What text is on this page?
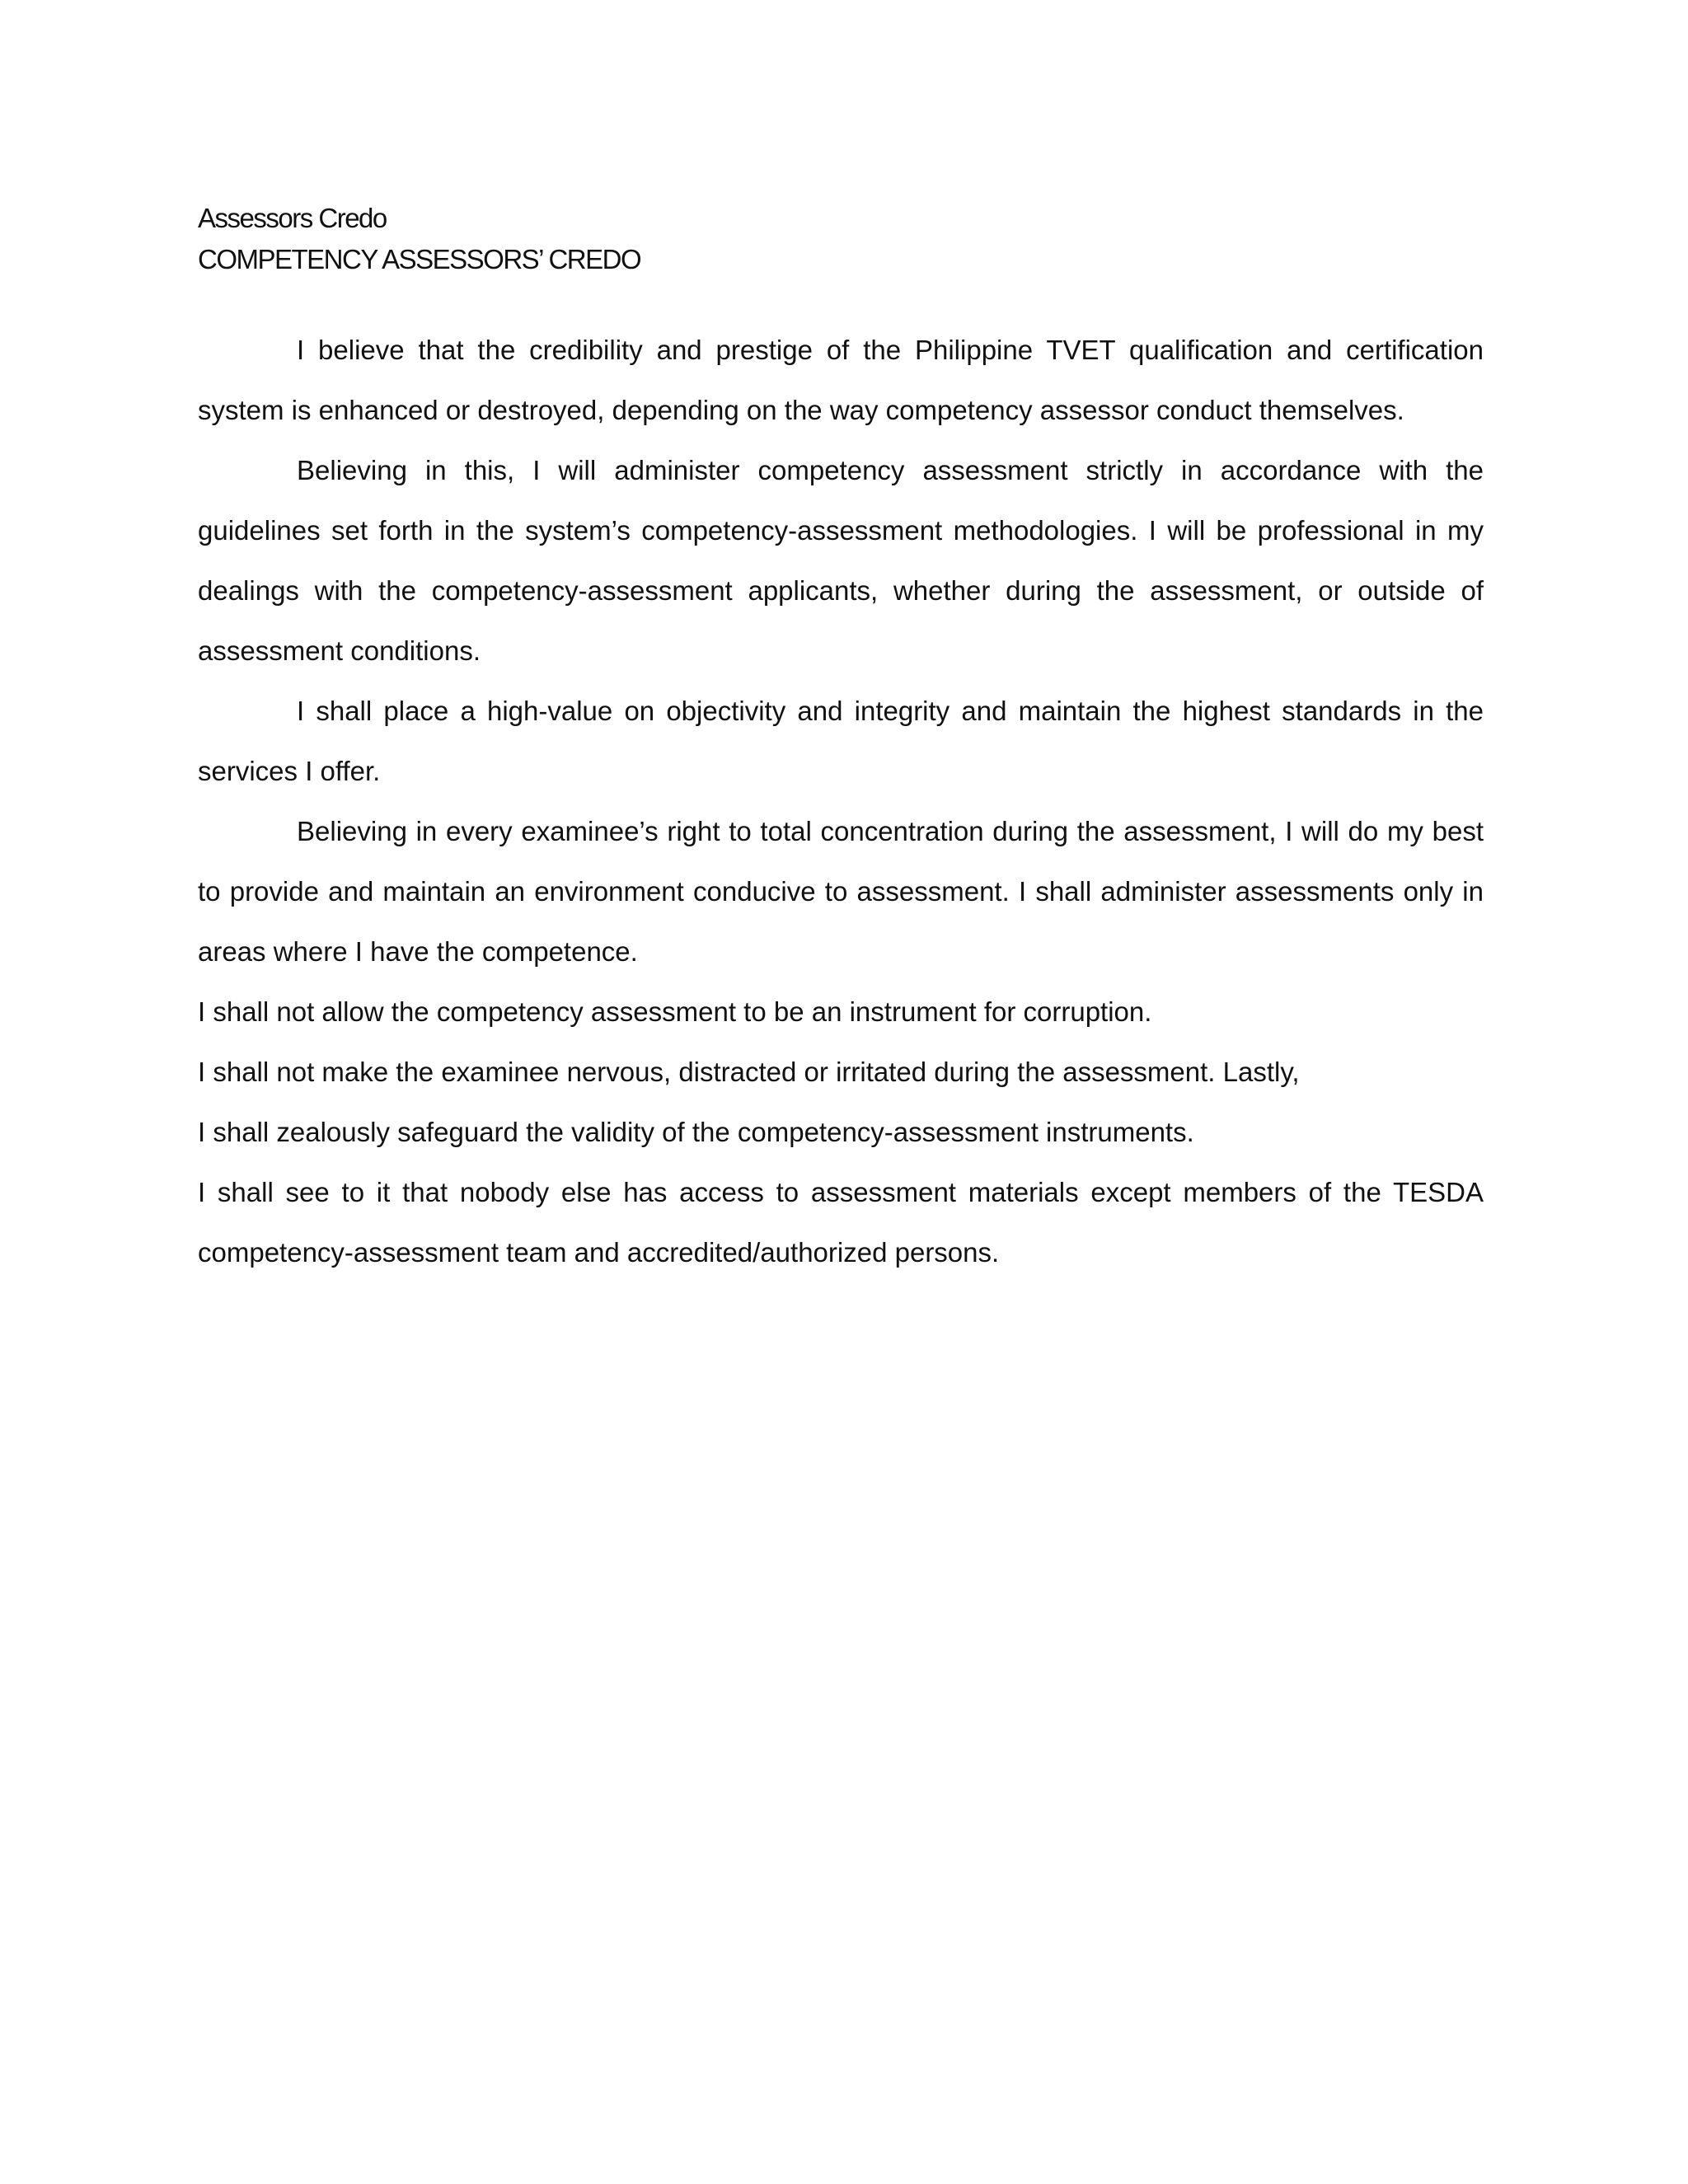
Assessors Credo
COMPETENCY ASSESSORS’ CREDO

I believe that the credibility and prestige of the Philippine TVET qualification and certification system is enhanced or destroyed, depending on the way competency assessor conduct themselves.

Believing in this, I will administer competency assessment strictly in accordance with the guidelines set forth in the system’s competency-assessment methodologies. I will be professional in my dealings with the competency-assessment applicants, whether during the assessment, or outside of assessment conditions.

I shall place a high-value on objectivity and integrity and maintain the highest standards in the services I offer.

Believing in every examinee’s right to total concentration during the assessment, I will do my best to provide and maintain an environment conducive to assessment. I shall administer assessments only in areas where I have the competence.

I shall not allow the competency assessment to be an instrument for corruption.

I shall not make the examinee nervous, distracted or irritated during the assessment. Lastly,

I shall zealously safeguard the validity of the competency-assessment instruments.

I shall see to it that nobody else has access to assessment materials except members of the TESDA competency-assessment team and accredited/authorized persons.
